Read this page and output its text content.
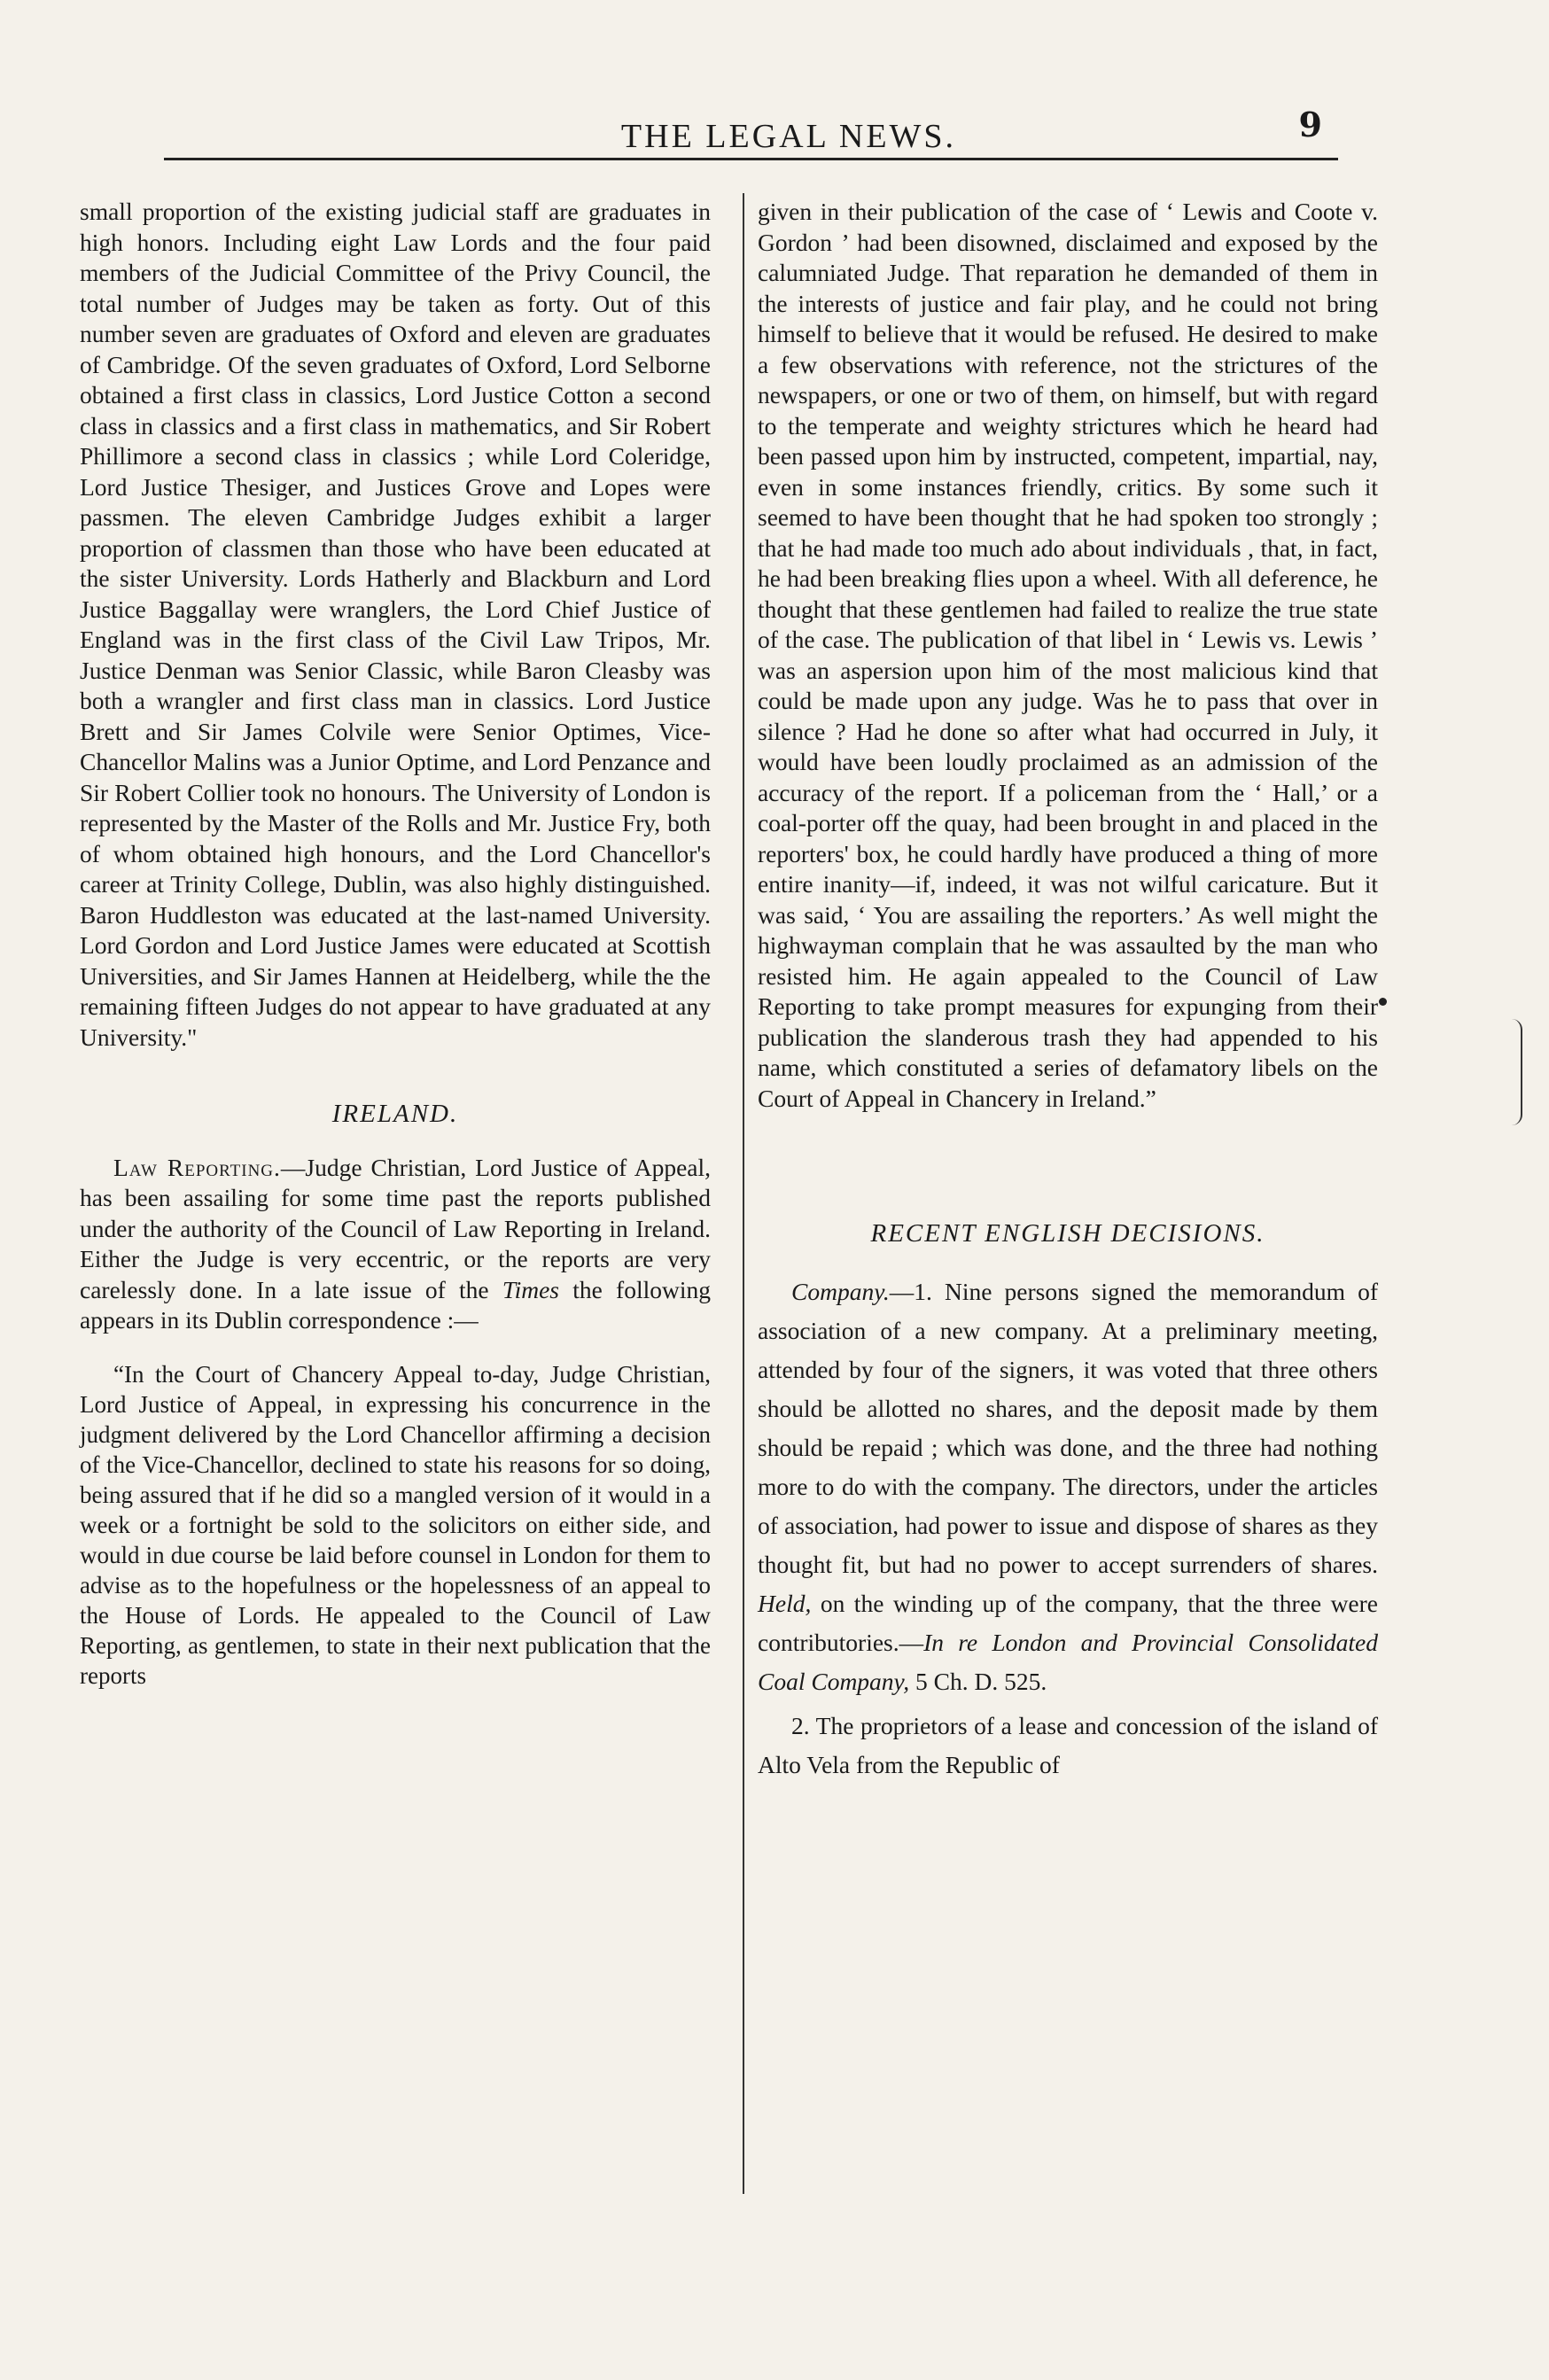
THE LEGAL NEWS.	9

small proportion of the existing judicial staff are graduates in high honors. Including eight Law Lords and the four paid members of the Judicial Committee of the Privy Council, the total number of Judges may be taken as forty. Out of this number seven are graduates of Oxford and eleven are graduates of Cambridge. Of the seven graduates of Oxford, Lord Selborne obtained a first class in classics, Lord Justice Cotton a second class in classics and a first class in mathematics, and Sir Robert Phillimore a second class in classics ; while Lord Coleridge, Lord Justice Thesiger, and Justices Grove and Lopes were passmen. The eleven Cambridge Judges exhibit a larger proportion of classmen than those who have been educated at the sister University. Lords Hatherly and Blackburn and Lord Justice Baggallay were wranglers, the Lord Chief Justice of England was in the first class of the Civil Law Tripos, Mr. Justice Denman was Senior Classic, while Baron Cleasby was both a wrangler and first class man in classics. Lord Justice Brett and Sir James Colvile were Senior Optimes, Vice-Chancellor Malins was a Junior Optime, and Lord Penzance and Sir Robert Collier took no honours. The University of London is represented by the Master of the Rolls and Mr. Justice Fry, both of whom obtained high honours, and the Lord Chancellor's career at Trinity College, Dublin, was also highly distinguished. Baron Huddleston was educated at the last-named University. Lord Gordon and Lord Justice James were educated at Scottish Universities, and Sir James Hannen at Heidelberg, while the the remaining fifteen Judges do not appear to have graduated at any University."

IRELAND.

Law Reporting.—Judge Christian, Lord Justice of Appeal, has been assailing for some time past the reports published under the authority of the Council of Law Reporting in Ireland. Either the Judge is very eccentric, or the reports are very carelessly done. In a late issue of the Times the following appears in its Dublin correspondence :—

“In the Court of Chancery Appeal to-day, Judge Christian, Lord Justice of Appeal, in expressing his concurrence in the judgment delivered by the Lord Chancellor affirming a decision of the Vice-Chancellor, declined to state his reasons for so doing, being assured that if he did so a mangled version of it would in a week or a fortnight be sold to the solicitors on either side, and would in due course be laid before counsel in London for them to advise as to the hopefulness or the hopelessness of an appeal to the House of Lords. He appealed to the Council of Law Reporting, as gentlemen, to state in their next publication that the reports

given in their publication of the case of ‘ Lewis and Coote v. Gordon ’ had been disowned, disclaimed and exposed by the calumniated Judge. That reparation he demanded of them in the interests of justice and fair play, and he could not bring himself to believe that it would be refused. He desired to make a few observations with reference, not the strictures of the newspapers, or one or two of them, on himself, but with regard to the temperate and weighty strictures which he heard had been passed upon him by instructed, competent, impartial, nay, even in some instances friendly, critics. By some such it seemed to have been thought that he had spoken too strongly ; that he had made too much ado about individuals , that, in fact, he had been breaking flies upon a wheel. With all deference, he thought that these gentlemen had failed to realize the true state of the case. The publication of that libel in ‘ Lewis vs. Lewis ’ was an aspersion upon him of the most malicious kind that could be made upon any judge. Was he to pass that over in silence ? Had he done so after what had occurred in July, it would have been loudly proclaimed as an admission of the accuracy of the report. If a policeman from the ‘ Hall,’ or a coal-porter off the quay, had been brought in and placed in the reporters' box, he could hardly have produced a thing of more entire inanity—if, indeed, it was not wilful caricature. But it was said, ‘ You are assailing the reporters.’ As well might the highwayman complain that he was assaulted by the man who resisted him. He again appealed to the Council of Law Reporting to take prompt measures for expunging from their publication the slanderous trash they had appended to his name, which constituted a series of defamatory libels on the Court of Appeal in Chancery in Ireland.”

RECENT ENGLISH DECISIONS.

Company.—1. Nine persons signed the memorandum of association of a new company. At a preliminary meeting, attended by four of the signers, it was voted that three others should be allotted no shares, and the deposit made by them should be repaid ; which was done, and the three had nothing more to do with the company. The directors, under the articles of association, had power to issue and dispose of shares as they thought fit, but had no power to accept surrenders of shares. Held, on the winding up of the company, that the three were contributories.—In re London and Provincial Consolidated Coal Company, 5 Ch. D. 525.

2. The proprietors of a lease and concession of the island of Alto Vela from the Republic of
